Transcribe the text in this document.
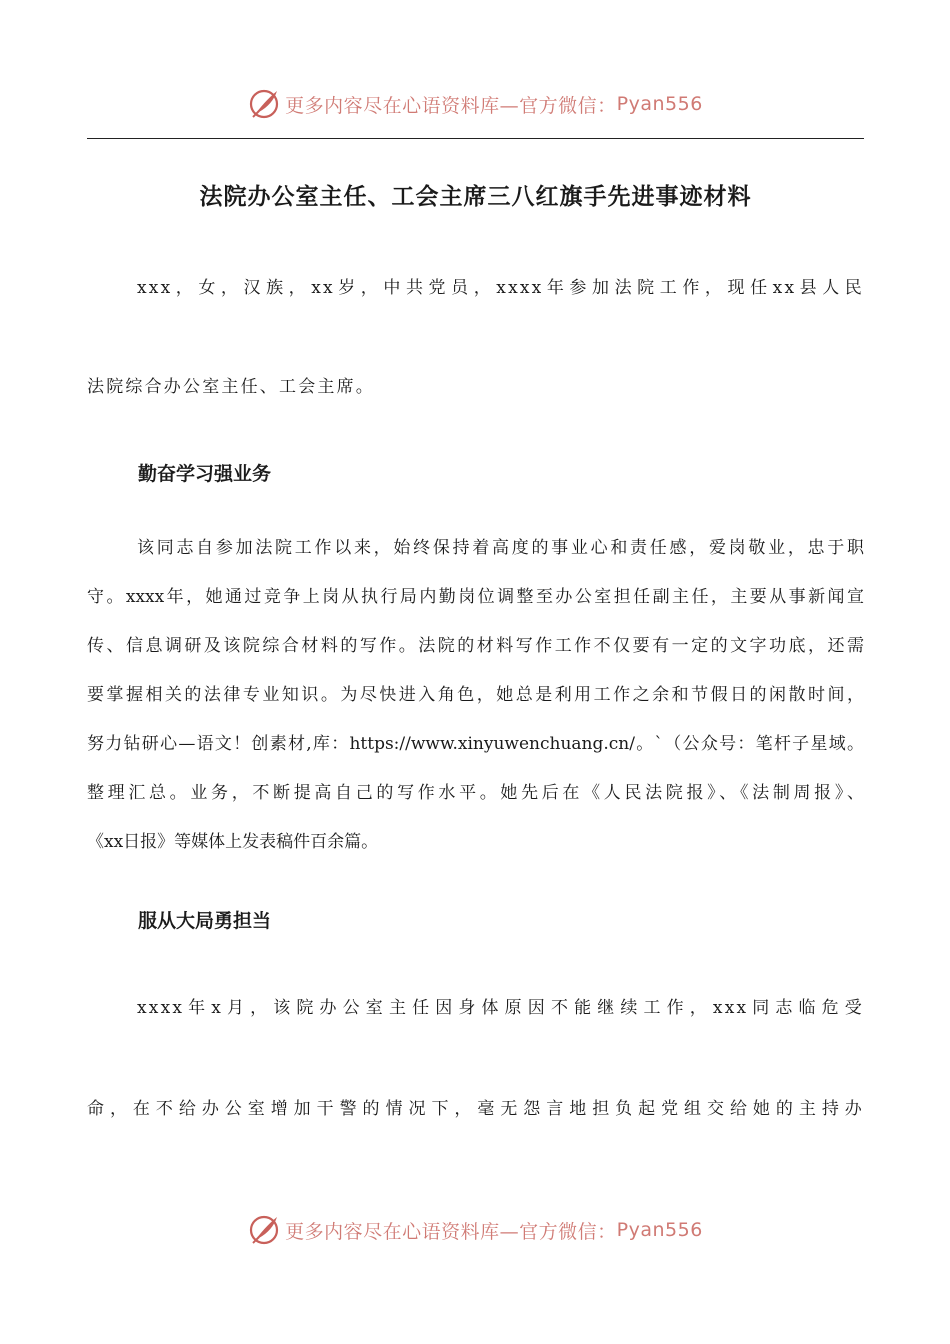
更多内容尽在心语资料库—官方微信： Pyan556
法院办公室主任、工会主席三八红旗手先进事迹材料
xxx，女，汉族，xx岁，中共党员，xxxx年参加法院工作，现任xx县人民
法院综合办公室主任、工会主席。
勤奋学习强业务
该同志自参加法院工作以来，始终保持着高度的事业心和责任感，爱岗敬业，忠于职
守。xxxx年，她通过竞争上岗从执行局内勤岗位调整至办公室担任副主任，主要从事新闻宣
传、信息调研及该院综合材料的写作。法院的材料写作工作不仅要有一定的文字功底，还需
要掌握相关的法律专业知识。为尽快进入角色，她总是利用工作之余和节假日的闲散时间，
努力钻研心—语文！创素材,库：https://www.xinyuwenchuang.cn/。`（公众号：笔杆子星域。
整理汇总。业务，不断提高自己的写作水平。她先后在《人民法院报》、《法制周报》、
《xx日报》等媒体上发表稿件百余篇。
服从大局勇担当
xxxx年x月，该院办公室主任因身体原因不能继续工作，xxx同志临危受
命，在不给办公室增加干警的情况下，毫无怨言地担负起党组交给她的主持办
更多内容尽在心语资料库—官方微信： Pyan556
